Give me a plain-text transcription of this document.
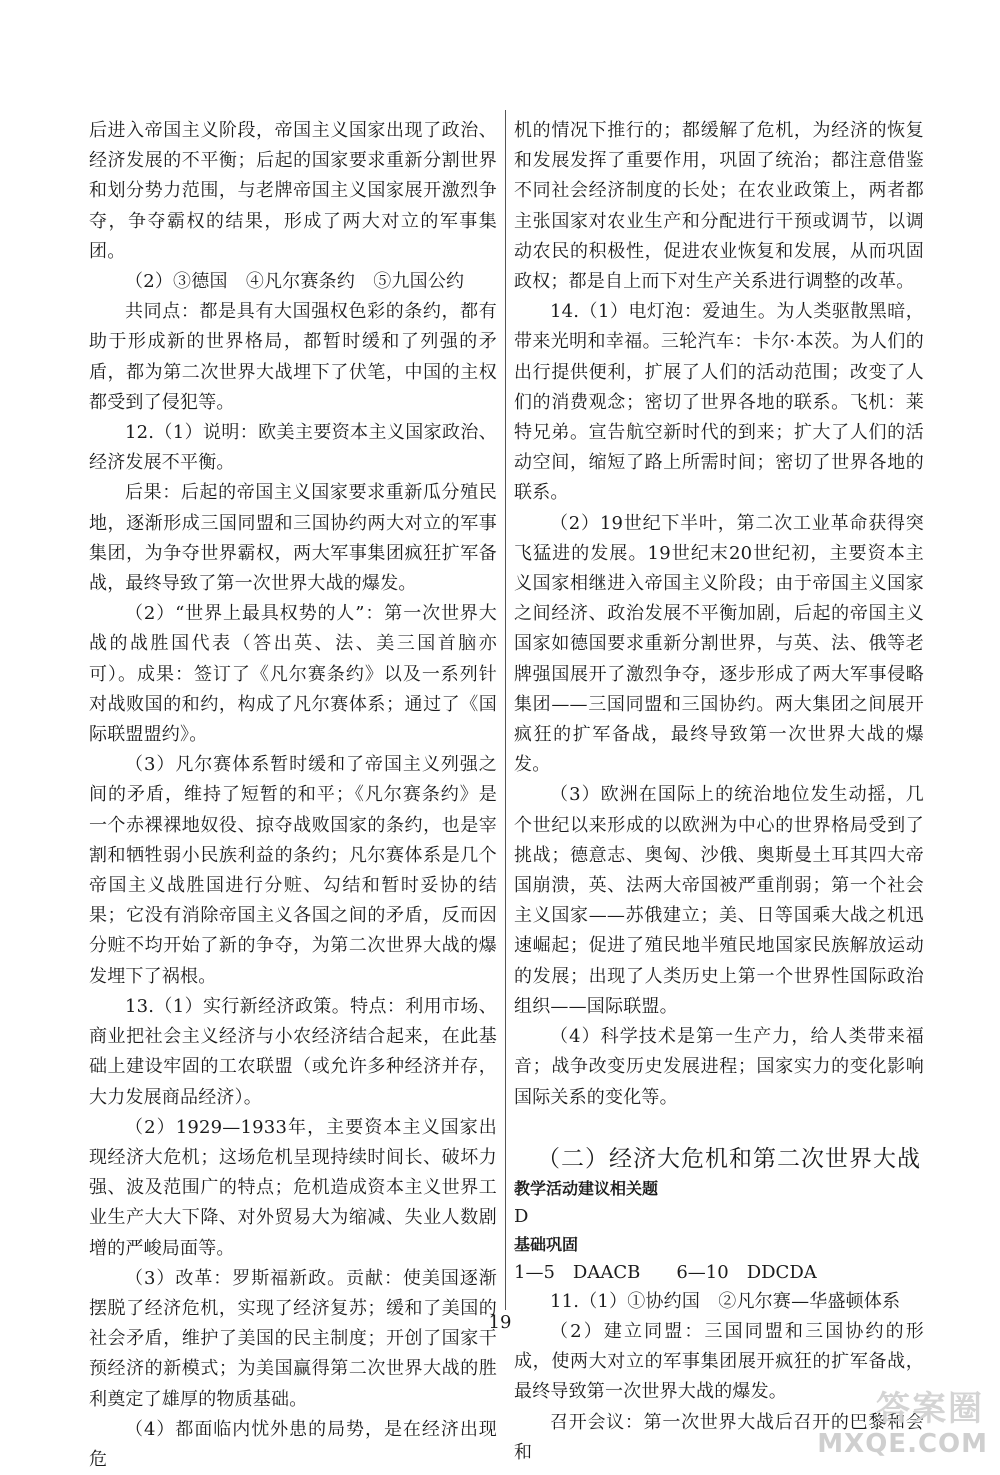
后进入帝国主义阶段，帝国主义国家出现了政治、经济发展的不平衡；后起的国家要求重新分割世界和划分势力范围，与老牌帝国主义国家展开激烈争夺，争夺霸权的结果，形成了两大对立的军事集团。

（2）③德国　④凡尔赛条约　⑤九国公约

共同点：都是具有大国强权色彩的条约，都有助于形成新的世界格局，都暂时缓和了列强的矛盾，都为第二次世界大战埋下了伏笔，中国的主权都受到了侵犯等。

12.（1）说明：欧美主要资本主义国家政治、经济发展不平衡。

后果：后起的帝国主义国家要求重新瓜分殖民地，逐渐形成三国同盟和三国协约两大对立的军事集团，为争夺世界霸权，两大军事集团疯狂扩军备战，最终导致了第一次世界大战的爆发。

（2）“世界上最具权势的人”：第一次世界大战的战胜国代表（答出英、法、美三国首脑亦可）。成果：签订了《凡尔赛条约》以及一系列针对战败国的和约，构成了凡尔赛体系；通过了《国际联盟盟约》。

（3）凡尔赛体系暂时缓和了帝国主义列强之间的矛盾，维持了短暂的和平；《凡尔赛条约》是一个赤裸裸地奴役、掠夺战败国家的条约，也是宰割和牺牲弱小民族利益的条约；凡尔赛体系是几个帝国主义战胜国进行分赃、勾结和暂时妥协的结果；它没有消除帝国主义各国之间的矛盾，反而因分赃不均开始了新的争夺，为第二次世界大战的爆发埋下了祸根。

13.（1）实行新经济政策。特点：利用市场、商业把社会主义经济与小农经济结合起来，在此基础上建设牢固的工农联盟（或允许多种经济并存，大力发展商品经济）。

（2）1929—1933年，主要资本主义国家出现经济大危机；这场危机呈现持续时间长、破坏力强、波及范围广的特点；危机造成资本主义世界工业生产大大下降、对外贸易大为缩减、失业人数剧增的严峻局面等。

（3）改革：罗斯福新政。贡献：使美国逐渐摆脱了经济危机，实现了经济复苏；缓和了美国的社会矛盾，维护了美国的民主制度；开创了国家干预经济的新模式；为美国赢得第二次世界大战的胜利奠定了雄厚的物质基础。

（4）都面临内忧外患的局势，是在经济出现危

机的情况下推行的；都缓解了危机，为经济的恢复和发展发挥了重要作用，巩固了统治；都注意借鉴不同社会经济制度的长处；在农业政策上，两者都主张国家对农业生产和分配进行干预或调节，以调动农民的积极性，促进农业恢复和发展，从而巩固政权；都是自上而下对生产关系进行调整的改革。

14.（1）电灯泡：爱迪生。为人类驱散黑暗，带来光明和幸福。三轮汽车：卡尔·本茨。为人们的出行提供便利，扩展了人们的活动范围；改变了人们的消费观念；密切了世界各地的联系。飞机：莱特兄弟。宣告航空新时代的到来；扩大了人们的活动空间，缩短了路上所需时间；密切了世界各地的联系。

（2）19世纪下半叶，第二次工业革命获得突飞猛进的发展。19世纪末20世纪初，主要资本主义国家相继进入帝国主义阶段；由于帝国主义国家之间经济、政治发展不平衡加剧，后起的帝国主义国家如德国要求重新分割世界，与英、法、俄等老牌强国展开了激烈争夺，逐步形成了两大军事侵略集团——三国同盟和三国协约。两大集团之间展开疯狂的扩军备战，最终导致第一次世界大战的爆发。

（3）欧洲在国际上的统治地位发生动摇，几个世纪以来形成的以欧洲为中心的世界格局受到了挑战；德意志、奥匈、沙俄、奥斯曼土耳其四大帝国崩溃，英、法两大帝国被严重削弱；第一个社会主义国家——苏俄建立；美、日等国乘大战之机迅速崛起；促进了殖民地半殖民地国家民族解放运动的发展；出现了人类历史上第一个世界性国际政治组织——国际联盟。

（4）科学技术是第一生产力，给人类带来福音；战争改变历史发展进程；国家实力的变化影响国际关系的变化等。

（二）经济大危机和第二次世界大战
教学活动建议相关题
D
基础巩固
1—5　DAACB　　6—10　DDCDA

11.（1）①协约国　②凡尔赛—华盛顿体系

（2）建立同盟：三国同盟和三国协约的形成，使两大对立的军事集团展开疯狂的扩军备战，最终导致第一次世界大战的爆发。

召开会议：第一次世界大战后召开的巴黎和会和

19
答案圈
MXQE.COM
